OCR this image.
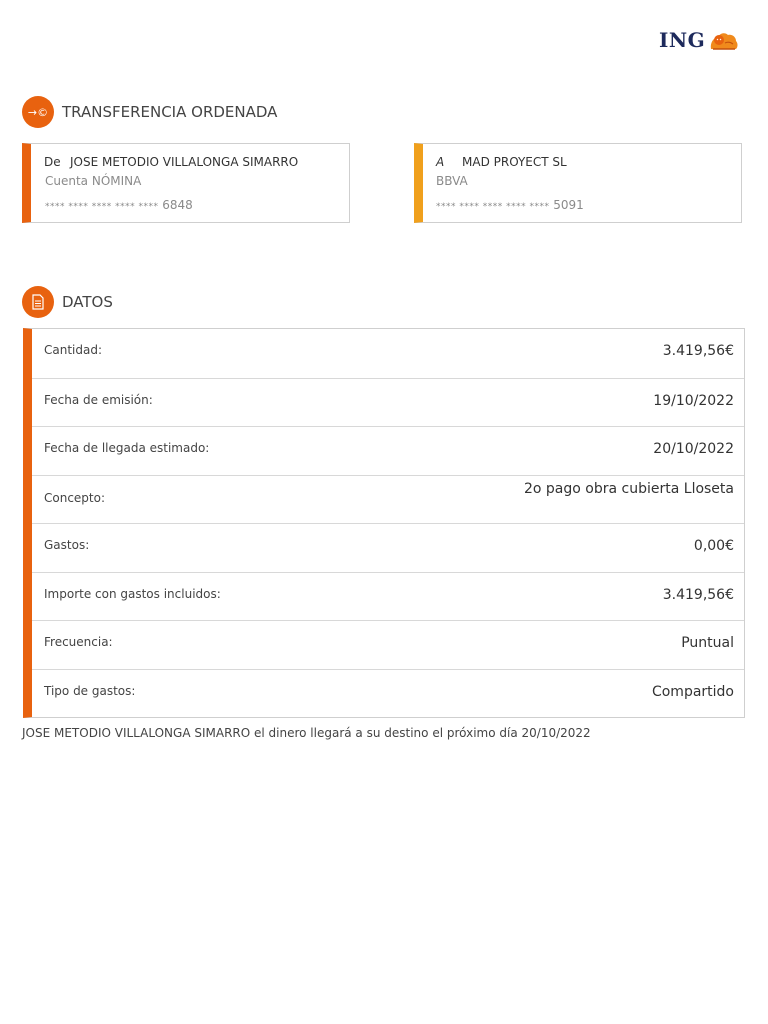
ING
→© TRANSFERENCIA ORDENADA
De JOSE METODIO VILLALONGA SIMARRO
Cuenta NÓMINA
**** **** **** **** **** 6848
A MAD PROYECT SL
BBVA
**** **** **** **** **** 5091
DATOS
Cantidad:	3.419,56€
Fecha de emisión:	19/10/2022
Fecha de llegada estimado:	20/10/2022
Concepto:
2o pago obra cubierta Lloseta
Gastos:	0,00€
Importe con gastos incluidos:	3.419,56€
Frecuencia:	Puntual
Tipo de gastos:	Compartido
JOSE METODIO VILLALONGA SIMARRO el dinero llegará a su destino el próximo día 20/10/2022
